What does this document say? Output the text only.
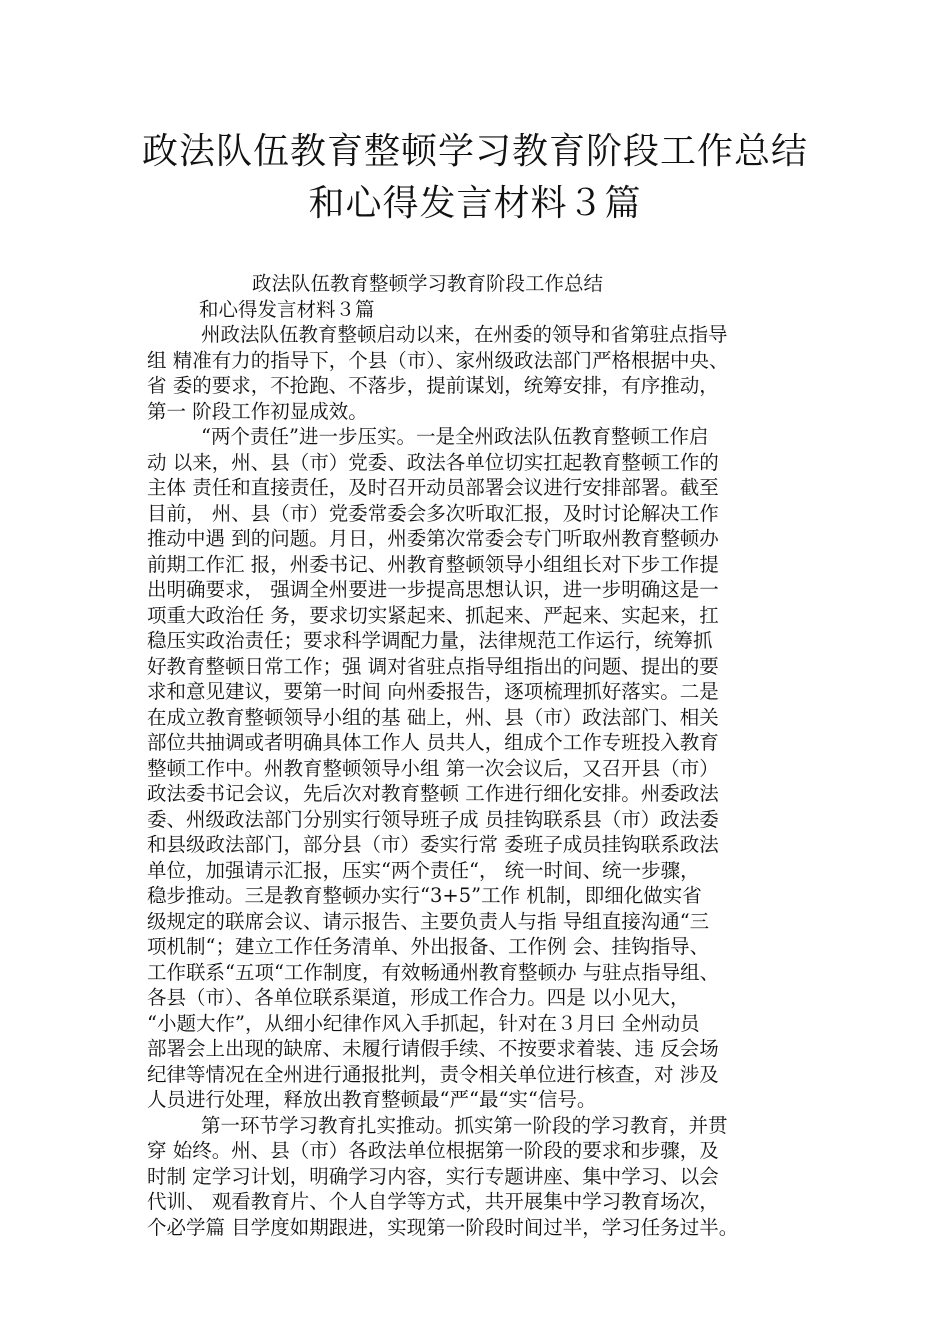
政法队伍教育整顿学习教育阶段工作总结
和心得发言材料３篇
政法队伍教育整顿学习教育阶段工作总结
和心得发言材料３篇
州政法队伍教育整顿启动以来，在州委的领导和省第驻点指导
组 精准有力的指导下，个县（市）、家州级政法部门严格根据中央、
省 委的要求，不抢跑、不落步，提前谋划，统筹安排，有序推动，
第一 阶段工作初显成效。
“两个责任”进一步压实。一是全州政法队伍教育整顿工作启
动 以来，州、县（市）党委、政法各单位切实扛起教育整顿工作的
主体 责任和直接责任，及时召开动员部署会议进行安排部署。截至
目前， 州、县（市）党委常委会多次听取汇报，及时讨论解决工作
推动中遇 到的问题。月日，州委第次常委会专门听取州教育整顿办
前期工作汇 报，州委书记、州教育整顿领导小组组长对下步工作提
出明确要求， 强调全州要进一步提高思想认识，进一步明确这是一
项重大政治任 务，要求切实紧起来、抓起来、严起来、实起来，扛
稳压实政治责任；要求科学调配力量，法律规范工作运行，统筹抓
好教育整顿日常工作；强 调对省驻点指导组指出的问题、提出的要
求和意见建议，要第一时间 向州委报告，逐项梳理抓好落实。二是
在成立教育整顿领导小组的基 础上，州、县（市）政法部门、相关
部位共抽调或者明确具体工作人 员共人，组成个工作专班投入教育
整顿工作中。州教育整顿领导小组 第一次会议后，又召开县（市）
政法委书记会议，先后次对教育整顿 工作进行细化安排。州委政法
委、州级政法部门分别实行领导班子成 员挂钩联系县（市）政法委
和县级政法部门，部分县（市）委实行常 委班子成员挂钩联系政法
单位，加强请示汇报，压实“两个责任“， 统一时间、统一步骤，
稳步推动。三是教育整顿办实行“3+5”工作 机制，即细化做实省
级规定的联席会议、请示报告、主要负责人与指 导组直接沟通“三
项机制“；建立工作任务清单、外出报备、工作例 会、挂钩指导、
工作联系“五项“工作制度，有效畅通州教育整顿办 与驻点指导组、
各县（市）、各单位联系渠道，形成工作合力。四是 以小见大，
“小题大作”，从细小纪律作风入手抓起，针对在３月曰 全州动员
部署会上出现的缺席、未履行请假手续、不按要求着装、违 反会场
纪律等情况在全州进行通报批判，责令相关单位进行核查，对 涉及
人员进行处理，释放出教育整顿最“严“最“实“信号。
第一环节学习教育扎实推动。抓实第一阶段的学习教育，并贯
穿 始终。州、县（市）各政法单位根据第一阶段的要求和步骤，及
时制 定学习计划，明确学习内容，实行专题讲座、集中学习、以会
代训、 观看教育片、个人自学等方式，共开展集中学习教育场次，
个必学篇 目学度如期跟进，实现第一阶段时间过半，学习任务过半。
